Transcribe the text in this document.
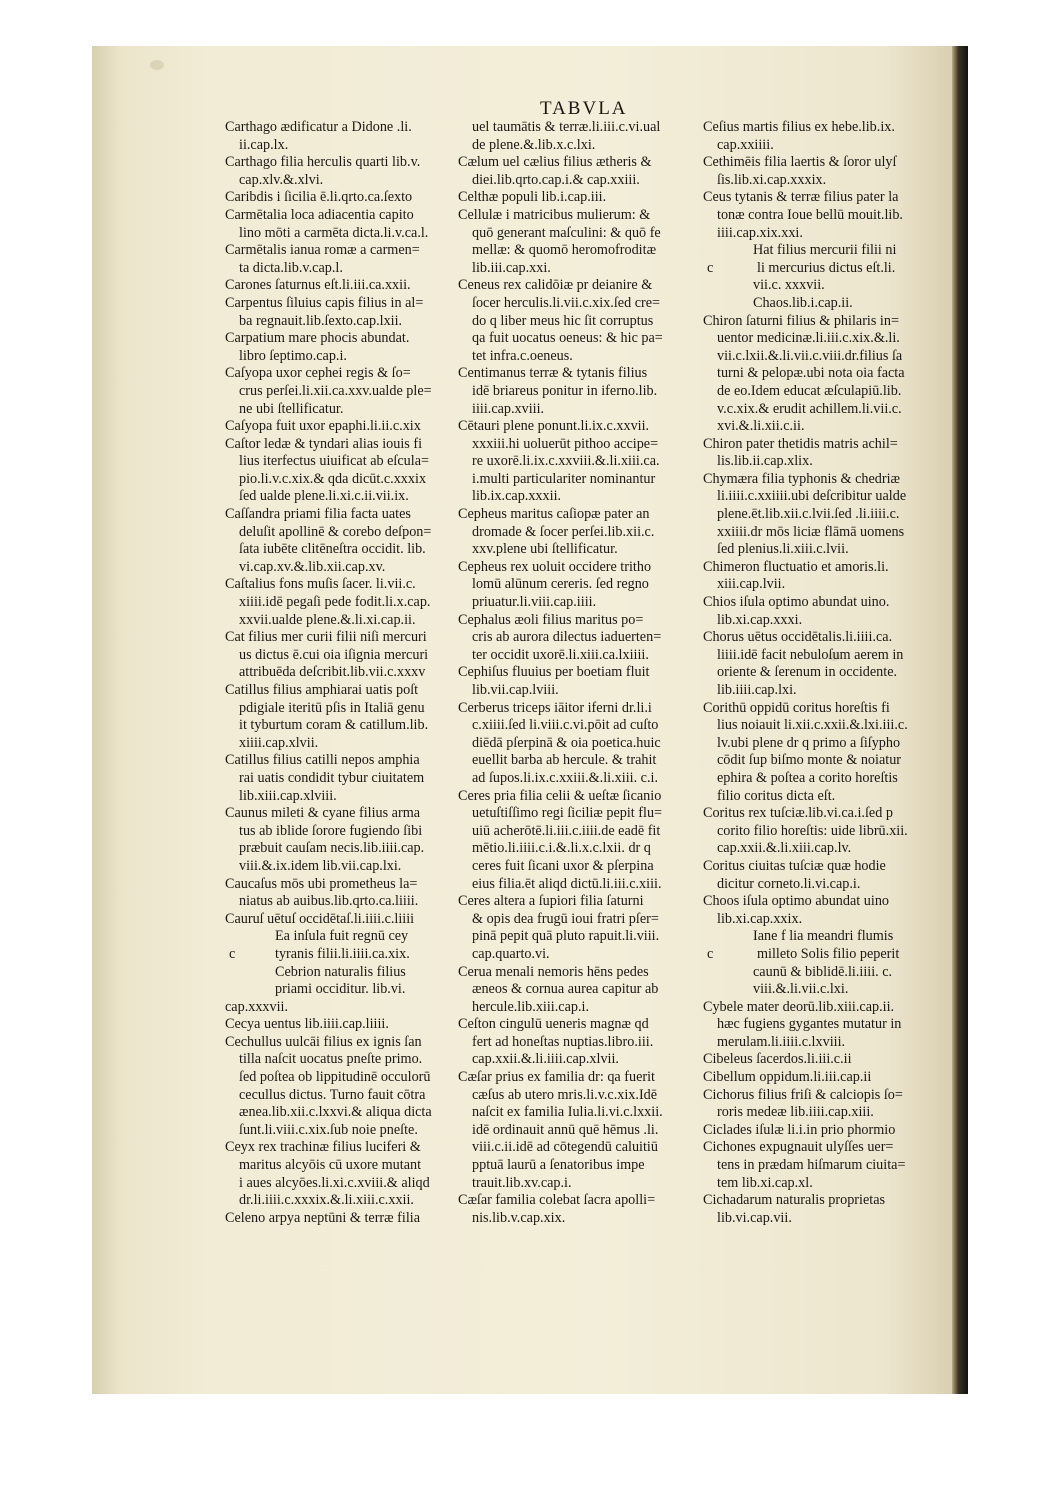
TABVLA
Carthago ædificatur a Didone .li.
ii.cap.lx.
Carthago filia herculis quarti lib.v.
cap.xlv.&.xlvi.
Caribdis i ſicilia ē.li.qrto.ca.ſexto
Carmētalia loca adiacentia capito
lino mōti a carmēta dicta.li.v.ca.l.
Carmētalis ianua romæ a carmen=
ta dicta.lib.v.cap.l.
Carones ſaturnus eſt.li.iii.ca.xxii.
Carpentus ſiluius capis filius in al=
ba regnauit.lib.ſexto.cap.lxii.
Carpatium mare phocis abundat.
libro ſeptimo.cap.i.
Caſyopa uxor cephei regis & ſo=
crus perſei.li.xii.ca.xxv.ualde ple=
ne ubi ſtellificatur.
Caſyopa fuit uxor epaphi.li.ii.c.xix
Caſtor ledæ & tyndari alias iouis fi
lius iterfectus uiuificat ab eſcula=
pio.li.v.c.xix.& qda dicūt.c.xxxix
ſed ualde plene.li.xi.c.ii.vii.ix.
Caſſandra priami filia facta uates
deluſit apollinē & corebo deſpon=
ſata iubēte clitēneſtra occidit. lib.
vi.cap.xv.&.lib.xii.cap.xv.
Caſtalius fons muſis ſacer. li.vii.c.
xiiii.idē pegaſi pede fodit.li.x.cap.
xxvii.ualde plene.&.li.xi.cap.ii.
Cat filius mer curii filii niſi mercuri
us dictus ē.cui oia iſignia mercuri
attribuēda deſcribit.lib.vii.c.xxxv
Catillus filius amphiarai uatis poſt
pdigiale iteritū pſis in Italiā genu
it tyburtum coram & catillum.lib.
xiiii.cap.xlvii.
Catillus filius catilli nepos amphia
rai uatis condidit tybur ciuitatem
lib.xiii.cap.xlviii.
Caunus mileti & cyane filius arma
tus ab iblide ſorore fugiendo ſibi
præbuit cauſam necis.lib.iiii.cap.
viii.&.ix.idem lib.vii.cap.lxi.
Caucaſus mōs ubi prometheus la=
niatus ab auibus.lib.qrto.ca.liiii.
Cauruſ uētuſ occidētaſ.li.iiii.c.liiii
Ea inſula fuit regnū cey
c	tyranis filii.li.iiii.ca.xix.
Cebrion naturalis filius
priami occiditur. lib.vi.
cap.xxxvii.
Cecya uentus lib.iiii.cap.liiii.
Cechullus uulcāi filius ex ignis ſan
tilla naſcit uocatus pneſte primo.
ſed poſtea ob lippitudinē occulorū
cecullus dictus. Turno fauit cōtra
ænea.lib.xii.c.lxxvi.& aliqua dicta
ſunt.li.viii.c.xix.ſub noie pneſte.
Ceyx rex trachinæ filius luciferi &
maritus alcyōis cū uxore mutant
i aues alcyōes.li.xi.c.xviii.& aliqd
dr.li.iiii.c.xxxix.&.li.xiii.c.xxii.
Celeno arpya neptūni & terræ filia
uel taumātis & terræ.li.iii.c.vi.ual
de plene.&.lib.x.c.lxi.
Cælum uel cælius filius ætheris &
diei.lib.qrto.cap.i.& cap.xxiii.
Celthæ populi lib.i.cap.iii.
Cellulæ i matricibus mulierum: &
quō generant maſculini: & quō fe
mellæ: & quomō heromofroditæ
lib.iii.cap.xxi.
Ceneus rex calidōiæ pr deianire &
ſocer herculis.li.vii.c.xix.ſed cre=
do q liber meus hic ſit corruptus
qa fuit uocatus oeneus: & hic pa=
tet infra.c.oeneus.
Centimanus terræ & tytanis filius
idē briareus ponitur in iferno.lib.
iiii.cap.xviii.
Cētauri plene ponunt.li.ix.c.xxvii.
xxxiii.hi uoluerūt pithoo accipe=
re uxorē.li.ix.c.xxviii.&.li.xiii.ca.
i.multi particulariter nominantur
lib.ix.cap.xxxii.
Cepheus maritus caſiopæ pater an
dromade & ſocer perſei.lib.xii.c.
xxv.plene ubi ſtellificatur.
Cepheus rex uoluit occidere tritho
lomū alūnum cereris. ſed regno
priuatur.li.viii.cap.iiii.
Cephalus æoli filius maritus po=
cris ab aurora dilectus iaduerten=
ter occidit uxorē.li.xiii.ca.lxiiii.
Cephiſus fluuius per boetiam fluit
lib.vii.cap.lviii.
Cerberus triceps iāitor iferni dr.li.i
c.xiiii.ſed li.viii.c.vi.pōit ad cuſto
diēdā pſerpinā & oia poetica.huic
euellit barba ab hercule. & trahit
ad ſupos.li.ix.c.xxiii.&.li.xiii. c.i.
Ceres pria filia celii & ueſtæ ſicanio
uetuſtiſſimo regi ſiciliæ pepit flu=
uiū acherōtē.li.iii.c.iiii.de eadē fit
mētio.li.iiii.c.i.&.li.x.c.lxii. dr q
ceres fuit ſicani uxor & pſerpina
eius filia.ēt aliqd dictū.li.iii.c.xiii.
Ceres altera a ſupiori filia ſaturni
& opis dea frugū ioui fratri pſer=
pinā pepit quā pluto rapuit.li.viii.
cap.quarto.vi.
Cerua menali nemoris hēns pedes
æneos & cornua aurea capitur ab
hercule.lib.xiii.cap.i.
Ceſton cingulū ueneris magnæ qd
fert ad honeſtas nuptias.libro.iii.
cap.xxii.&.li.iiii.cap.xlvii.
Cæſar prius ex familia dr: qa fuerit
cæſus ab utero mris.li.v.c.xix.Idē
naſcit ex familia Iulia.li.vi.c.lxxii.
idē ordinauit annū quē hēmus .li.
viii.c.ii.idē ad cōtegendū caluitiū
pptuā laurū a ſenatoribus impe
trauit.lib.xv.cap.i.
Cæſar familia colebat ſacra apolli=
nis.lib.v.cap.xix.
Ceſius martis filius ex hebe.lib.ix.
cap.xxiiii.
Cethimēis filia laertis & ſoror ulyſ
ſis.lib.xi.cap.xxxix.
Ceus tytanis & terræ filius pater la
tonæ contra Ioue bellū mouit.lib.
iiii.cap.xix.xxi.
Hat filius mercurii filii ni
c	li mercurius dictus eſt.li.
vii.c. xxxvii.
Chaos.lib.i.cap.ii.
Chiron ſaturni filius & philaris in=
uentor medicinæ.li.iii.c.xix.&.li.
vii.c.lxii.&.li.vii.c.viii.dr.filius ſa
turni & pelopæ.ubi nota oia facta
de eo.Idem educat æſculapiū.lib.
v.c.xix.& erudit achillem.li.vii.c.
xvi.&.li.xii.c.ii.
Chiron pater thetidis matris achil=
lis.lib.ii.cap.xlix.
Chymæra filia typhonis & chedriæ
li.iiii.c.xxiiii.ubi deſcribitur ualde
plene.ēt.lib.xii.c.lvii.ſed .li.iiii.c.
xxiiii.dr mōs liciæ flāmā uomens
ſed plenius.li.xiii.c.lvii.
Chimeron fluctuatio et amoris.li.
xiii.cap.lvii.
Chios iſula optimo abundat uino.
lib.xi.cap.xxxi.
Chorus uētus occidētalis.li.iiii.ca.
liiii.idē facit nebuloſum aerem in
oriente & ſerenum in occidente.
lib.iiii.cap.lxi.
Corithū oppidū coritus horeſtis fi
lius noiauit li.xii.c.xxii.&.lxi.iii.c.
lv.ubi plene dr q primo a ſiſypho
cōdit ſup biſmo monte & noiatur
ephira & poſtea a corito horeſtis
filio coritus dicta eſt.
Coritus rex tuſciæ.lib.vi.ca.i.ſed p
corito filio horeſtis: uide librū.xii.
cap.xxii.&.li.xiii.cap.lv.
Coritus ciuitas tuſciæ quæ hodie
dicitur corneto.li.vi.cap.i.
Choos iſula optimo abundat uino
lib.xi.cap.xxix.
Iane f lia meandri flumis
c	milleto Solis filio peperit
caunū & biblidē.li.iiii. c.
viii.&.li.vii.c.lxi.
Cybele mater deorū.lib.xiii.cap.ii.
hæc fugiens gygantes mutatur in
merulam.li.iiii.c.lxviii.
Cibeleus ſacerdos.li.iii.c.ii
Cibellum oppidum.li.iii.cap.ii
Cichorus filius friſi & calciopis ſo=
roris medeæ lib.iiii.cap.xiii.
Ciclades iſulæ li.i.in prio phormio
Cichones expugnauit ulyſſes uer=
tens in prædam hiſmarum ciuita=
tem lib.xi.cap.xl.
Cichadarum naturalis proprietas
lib.vi.cap.vii.
